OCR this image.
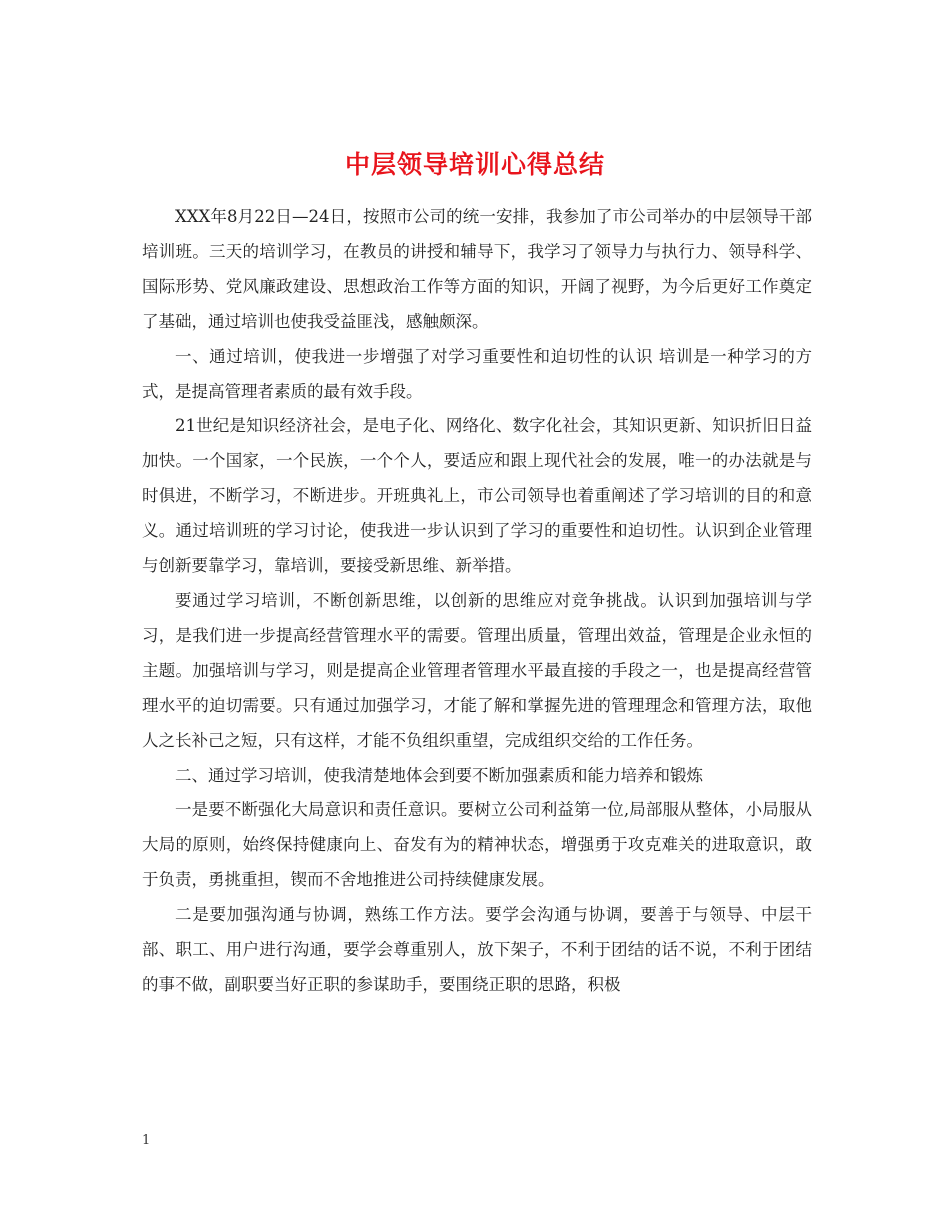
中层领导培训心得总结

XXX年8月22日—24日，按照市公司的统一安排，我参加了市公司举办的中层领导干部培训班。三天的培训学习，在教员的讲授和辅导下，我学习了领导力与执行力、领导科学、国际形势、党风廉政建设、思想政治工作等方面的知识，开阔了视野，为今后更好工作奠定了基础，通过培训也使我受益匪浅，感触颇深。

一、通过培训，使我进一步增强了对学习重要性和迫切性的认识 培训是一种学习的方式，是提高管理者素质的最有效手段。

21世纪是知识经济社会，是电子化、网络化、数字化社会，其知识更新、知识折旧日益加快。一个国家，一个民族，一个个人，要适应和跟上现代社会的发展，唯一的办法就是与时俱进，不断学习，不断进步。开班典礼上，市公司领导也着重阐述了学习培训的目的和意义。通过培训班的学习讨论，使我进一步认识到了学习的重要性和迫切性。认识到企业管理与创新要靠学习，靠培训，要接受新思维、新举措。

要通过学习培训，不断创新思维，以创新的思维应对竞争挑战。认识到加强培训与学习，是我们进一步提高经营管理水平的需要。管理出质量，管理出效益，管理是企业永恒的主题。加强培训与学习，则是提高企业管理者管理水平最直接的手段之一，也是提高经营管理水平的迫切需要。只有通过加强学习，才能了解和掌握先进的管理理念和管理方法，取他人之长补己之短，只有这样，才能不负组织重望，完成组织交给的工作任务。

二、通过学习培训，使我清楚地体会到要不断加强素质和能力培养和锻炼

一是要不断强化大局意识和责任意识。要树立公司利益第一位,局部服从整体，小局服从大局的原则，始终保持健康向上、奋发有为的精神状态，增强勇于攻克难关的进取意识，敢于负责，勇挑重担，锲而不舍地推进公司持续健康发展。

二是要加强沟通与协调，熟练工作方法。要学会沟通与协调，要善于与领导、中层干部、职工、用户进行沟通，要学会尊重别人，放下架子，不利于团结的话不说，不利于团结的事不做，副职要当好正职的参谋助手，要围绕正职的思路，积极

1
